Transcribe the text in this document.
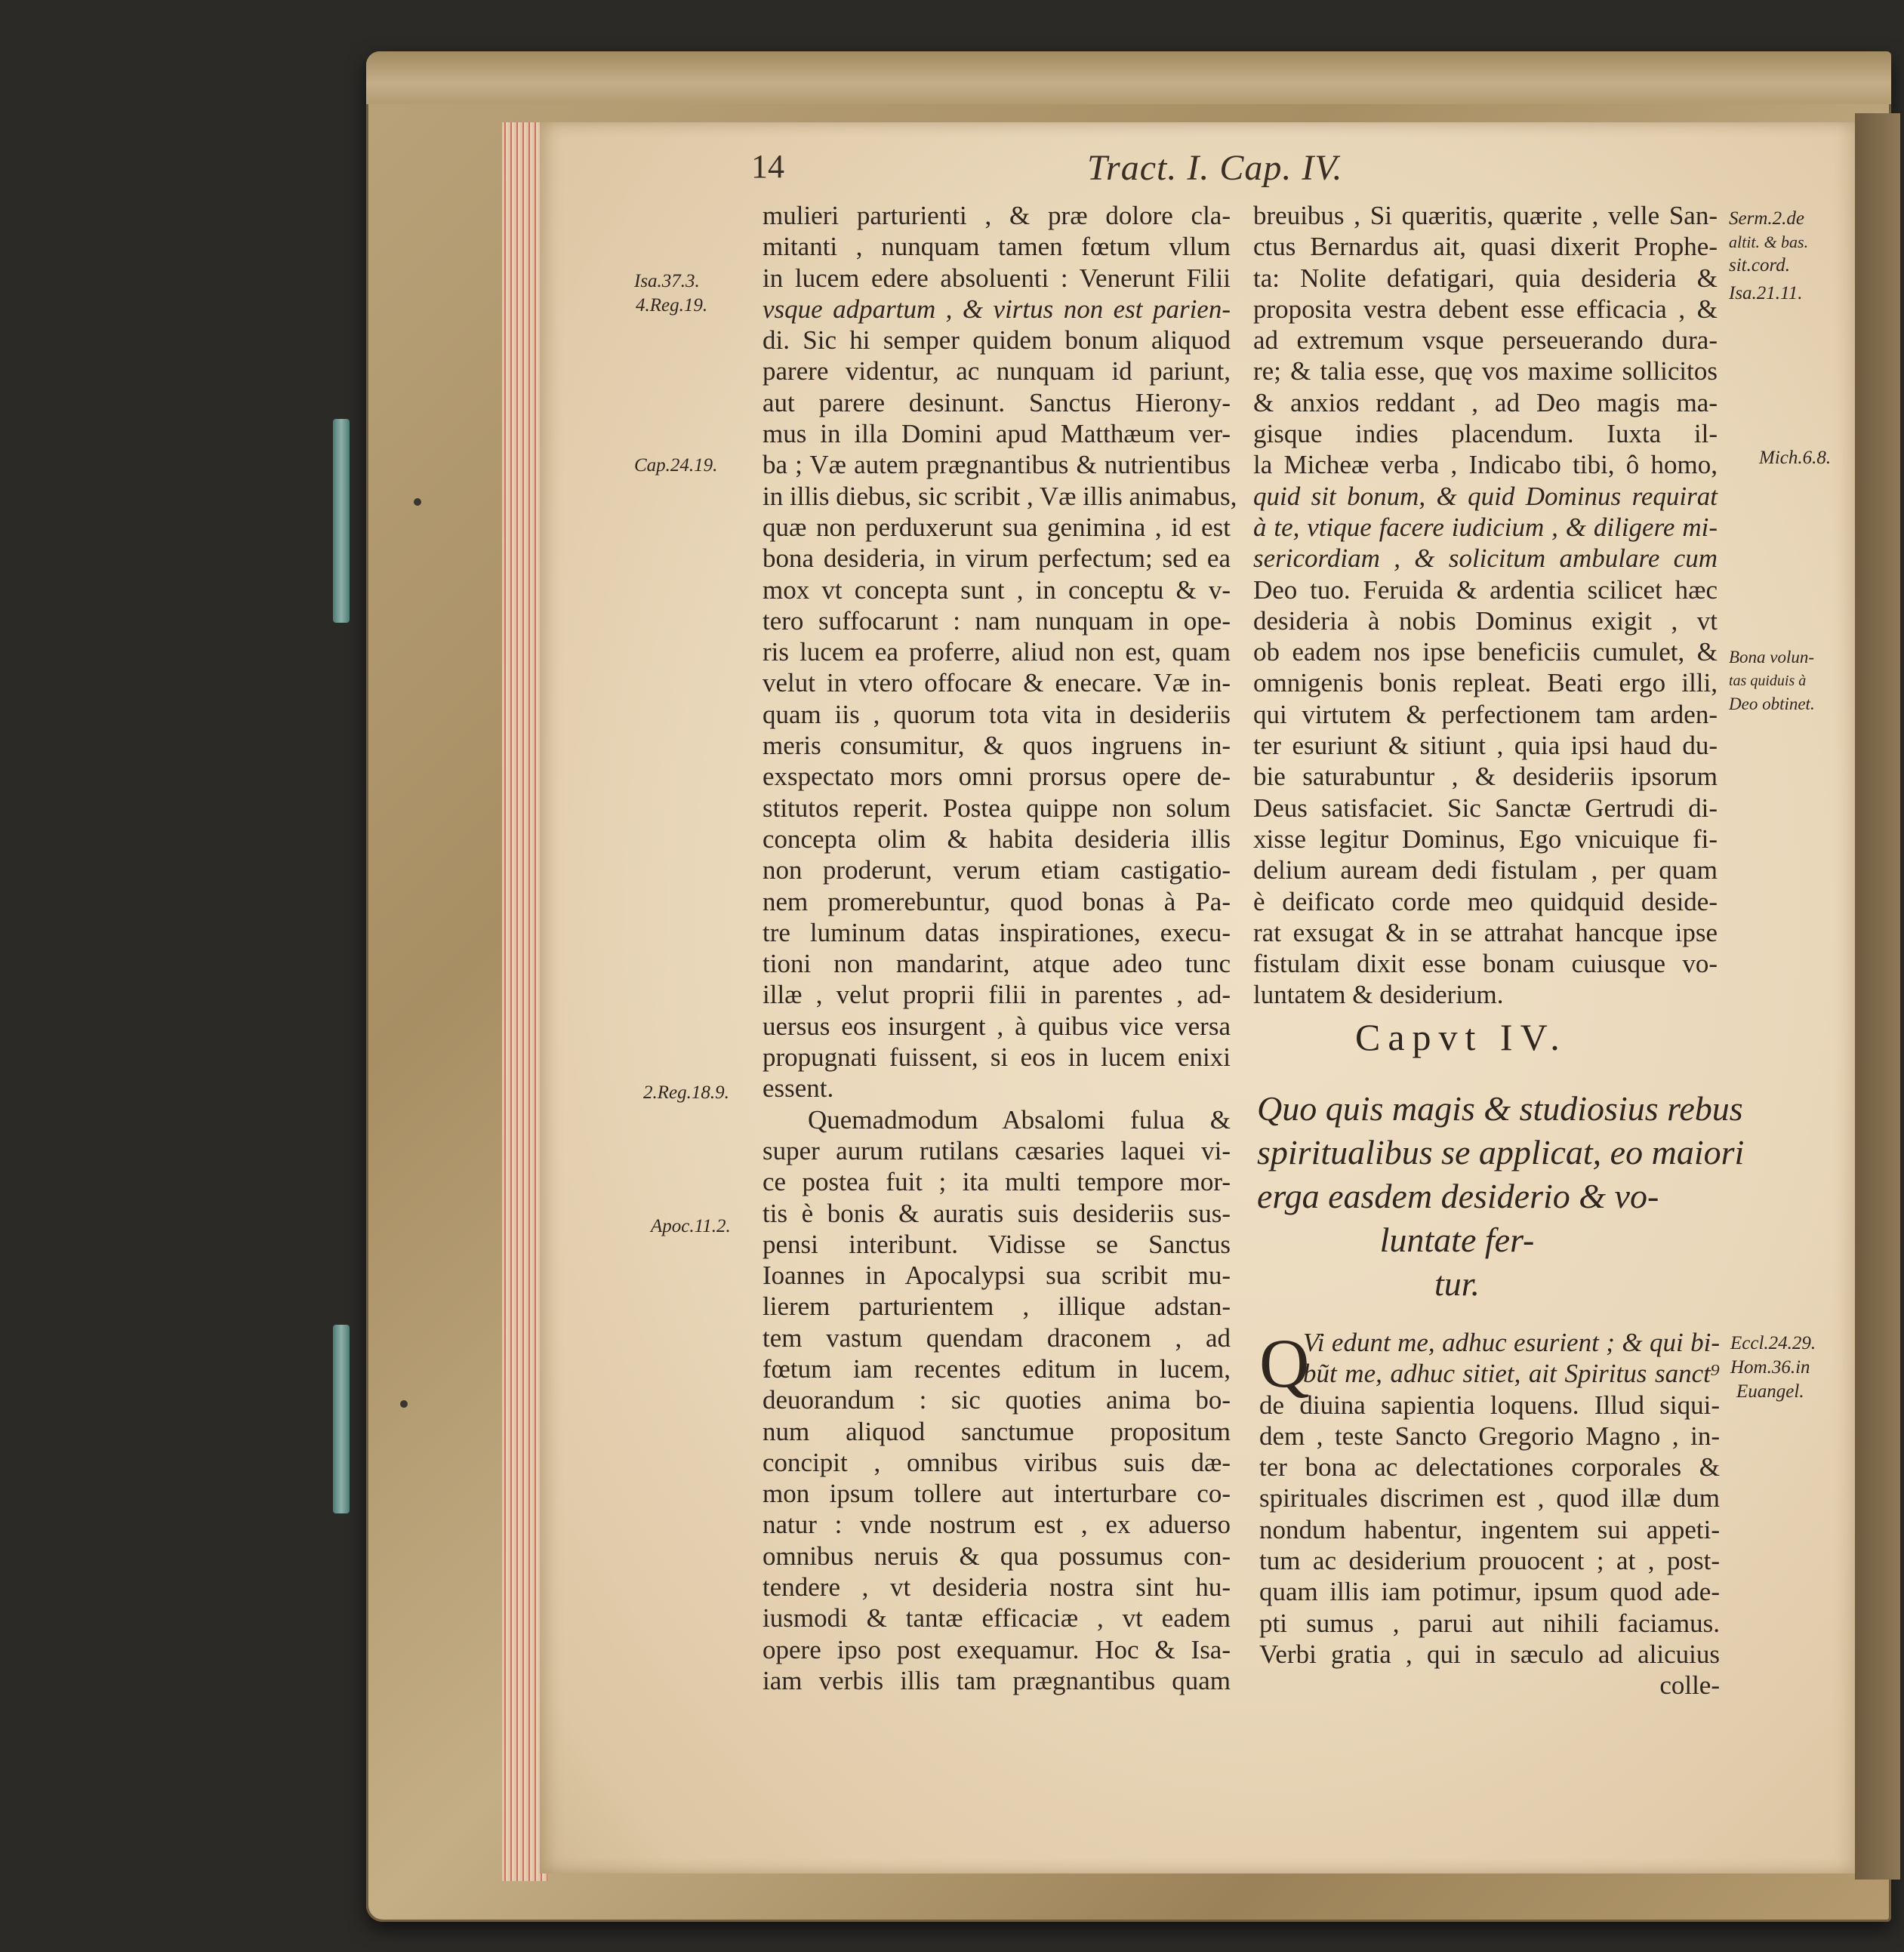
14	Tract. I. Cap. IV.
mulieri parturienti , & præ dolore cla-
mitanti , nunquam tamen fœtum vllum
in lucem edere absoluenti : Venerunt Filii
vsque adpartum , & virtus non est parien-
di. Sic hi semper quidem bonum aliquod
parere videntur, ac nunquam id pariunt,
aut parere desinunt. Sanctus Hierony-
mus in illa Domini apud Matthæum ver-
ba ; Væ autem prægnantibus & nutrientibus
in illis diebus, sic scribit , Væ illis animabus,
quæ non perduxerunt sua genimina , id est
bona desideria, in virum perfectum; sed ea
mox vt concepta sunt , in conceptu & v-
tero suffocarunt : nam nunquam in ope-
ris lucem ea proferre, aliud non est, quam
velut in vtero offocare & enecare. Væ in-
quam iis , quorum tota vita in desideriis
meris consumitur, & quos ingruens in-
exspectato mors omni prorsus opere de-
stitutos reperit. Postea quippe non solum
concepta olim & habita desideria illis
non proderunt, verum etiam castigatio-
nem promerebuntur, quod bonas à Pa-
tre luminum datas inspirationes, execu-
tioni non mandarint, atque adeo tunc
illæ , velut proprii filii in parentes , ad-
uersus eos insurgent , à quibus vice versa
propugnati fuissent, si eos in lucem enixi
essent.
Quemadmodum Absalomi fulua &
super aurum rutilans cæsaries laquei vi-
ce postea fuit ; ita multi tempore mor-
tis è bonis & auratis suis desideriis sus-
pensi interibunt. Vidisse se Sanctus
Ioannes in Apocalypsi sua scribit mu-
lierem parturientem , illique adstan-
tem vastum quendam draconem , ad
fœtum iam recentes editum in lucem,
deuorandum : sic quoties anima bo-
num aliquod sanctumue propositum
concipit , omnibus viribus suis dæ-
mon ipsum tollere aut interturbare co-
natur : vnde nostrum est , ex aduerso
omnibus neruis & qua possumus con-
tendere , vt desideria nostra sint hu-
iusmodi & tantæ efficaciæ , vt eadem
opere ipso post exequamur. Hoc & Isa-
iam verbis illis tam prægnantibus quam
breuibus , Si quæritis, quærite , velle San-
ctus Bernardus ait, quasi dixerit Prophe-
ta: Nolite defatigari, quia desideria &
proposita vestra debent esse efficacia , &
ad extremum vsque perseuerando dura-
re; & talia esse, quę vos maxime sollicitos
& anxios reddant , ad Deo magis ma-
gisque indies placendum. Iuxta il-
la Micheæ verba , Indicabo tibi, ô homo,
quid sit bonum, & quid Dominus requirat
à te, vtique facere iudicium , & diligere mi-
sericordiam , & solicitum ambulare cum
Deo tuo. Feruida & ardentia scilicet hæc
desideria à nobis Dominus exigit , vt
ob eadem nos ipse beneficiis cumulet, &
omnigenis bonis repleat. Beati ergo illi,
qui virtutem & perfectionem tam arden-
ter esuriunt & sitiunt , quia ipsi haud du-
bie saturabuntur , & desideriis ipsorum
Deus satisfaciet. Sic Sanctæ Gertrudi di-
xisse legitur Dominus, Ego vnicuique fi-
delium auream dedi fistulam , per quam
è deificato corde meo quidquid deside-
rat exsugat & in se attrahat hancque ipse
fistulam dixit esse bonam cuiusque vo-
luntatem & desiderium.
Capvt IV.
Quo quis magis & studiosius rebus
spiritualibus se applicat, eo maiori
erga easdem desiderio & vo-
luntate fer-
tur.
Q
Vi edunt me, adhuc esurient ; & qui bi-
bũt me, adhuc sitiet, ait Spiritus sanct⁹
de diuina sapientia loquens. Illud siqui-
dem , teste Sancto Gregorio Magno , in-
ter bona ac delectationes corporales &
spirituales discrimen est , quod illæ dum
nondum habentur, ingentem sui appeti-
tum ac desiderium prouocent ; at , post-
quam illis iam potimur, ipsum quod ade-
pti sumus , parui aut nihili faciamus.
Verbi gratia , qui in sæculo ad alicuius
colle-
Isa.37.3.
4.Reg.19.
Cap.24.19.
2.Reg.18.9.
Apoc.11.2.
Serm.2.de
altit. & bas.
sit.cord.
Isa.21.11.
Mich.6.8.
Bona volun-
tas quiduis à
Deo obtinet.
Eccl.24.29.
Hom.36.in
Euangel.
